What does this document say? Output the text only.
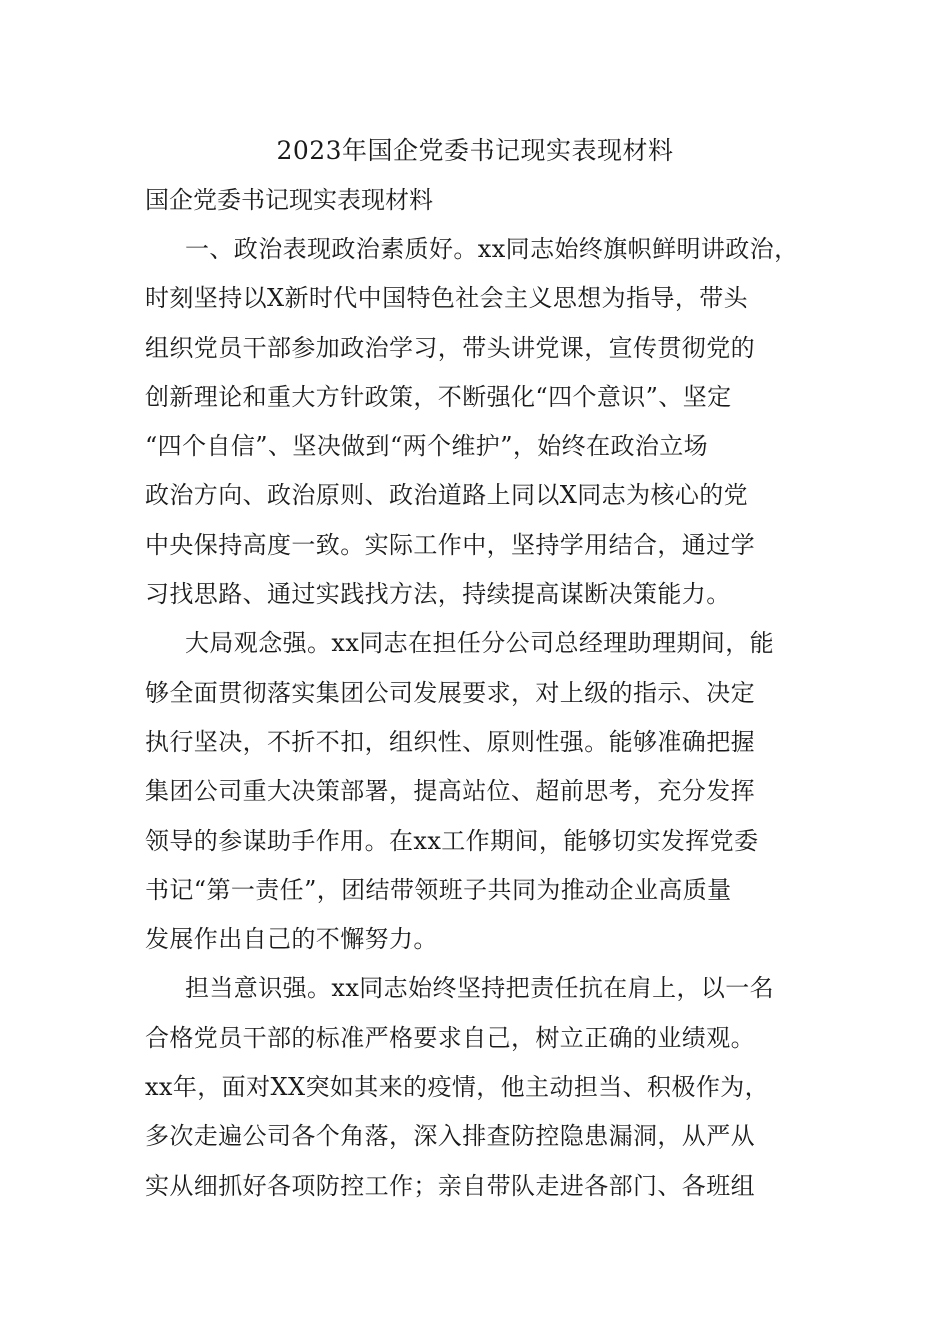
2023年国企党委书记现实表现材料

国企党委书记现实表现材料

一、政治表现政治素质好。xx同志始终旗帜鲜明讲政治，
时刻坚持以X新时代中国特色社会主义思想为指导，带头
组织党员干部参加政治学习，带头讲党课，宣传贯彻党的
创新理论和重大方针政策，不断强化“四个意识”、坚定
“四个自信”、坚决做到“两个维护”，始终在政治立场
政治方向、政治原则、政治道路上同以X同志为核心的党
中央保持高度一致。实际工作中，坚持学用结合，通过学
习找思路、通过实践找方法，持续提高谋断决策能力。
大局观念强。xx同志在担任分公司总经理助理期间，能
够全面贯彻落实集团公司发展要求，对上级的指示、决定
执行坚决，不折不扣，组织性、原则性强。能够准确把握
集团公司重大决策部署，提高站位、超前思考，充分发挥
领导的参谋助手作用。在xx工作期间，能够切实发挥党委
书记“第一责任”，团结带领班子共同为推动企业高质量
发展作出自己的不懈努力。
担当意识强。xx同志始终坚持把责任抗在肩上，以一名
合格党员干部的标准严格要求自己，树立正确的业绩观。
xx年，面对XX突如其来的疫情，他主动担当、积极作为，
多次走遍公司各个角落，深入排查防控隐患漏洞，从严从
实从细抓好各项防控工作；亲自带队走进各部门、各班组
